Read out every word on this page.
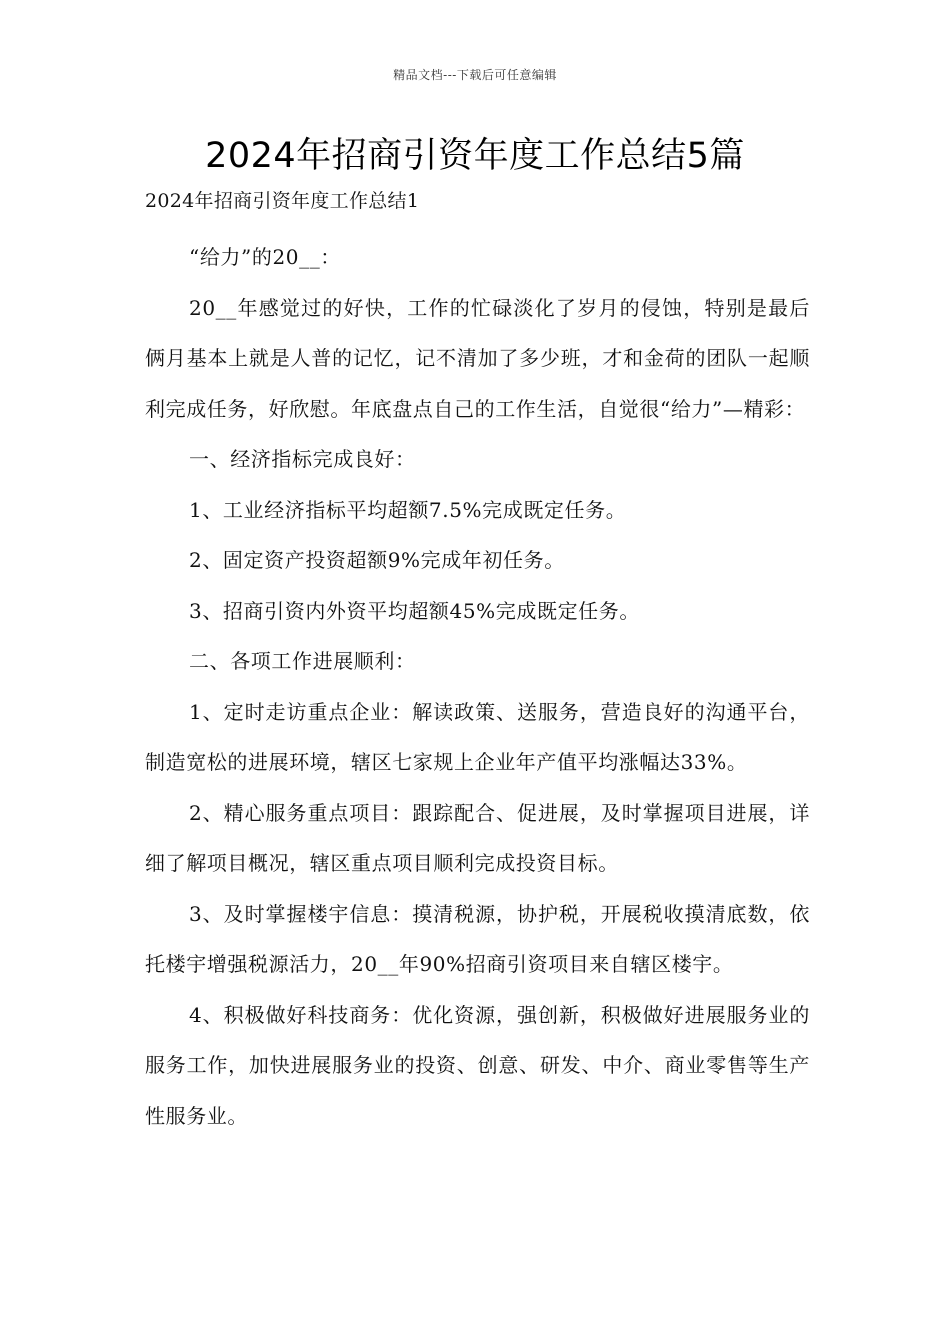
精品文档---下载后可任意编辑
2024年招商引资年度工作总结5篇

2024年招商引资年度工作总结1

“给力”的20__：

20__年感觉过的好快，工作的忙碌淡化了岁月的侵蚀，特别是最后俩月基本上就是人普的记忆，记不清加了多少班，才和金荷的团队一起顺利完成任务，好欣慰。年底盘点自己的工作生活，自觉很“给力”—精彩：

一、经济指标完成良好：

1、工业经济指标平均超额7.5%完成既定任务。

2、固定资产投资超额9%完成年初任务。

3、招商引资内外资平均超额45%完成既定任务。

二、各项工作进展顺利：

1、定时走访重点企业：解读政策、送服务，营造良好的沟通平台，制造宽松的进展环境，辖区七家规上企业年产值平均涨幅达33%。

2、精心服务重点项目：跟踪配合、促进展，及时掌握项目进展，详细了解项目概况，辖区重点项目顺利完成投资目标。

3、及时掌握楼宇信息：摸清税源，协护税，开展税收摸清底数，依托楼宇增强税源活力，20__年90%招商引资项目来自辖区楼宇。

4、积极做好科技商务：优化资源，强创新，积极做好进展服务业的服务工作，加快进展服务业的投资、创意、研发、中介、商业零售等生产性服务业。
